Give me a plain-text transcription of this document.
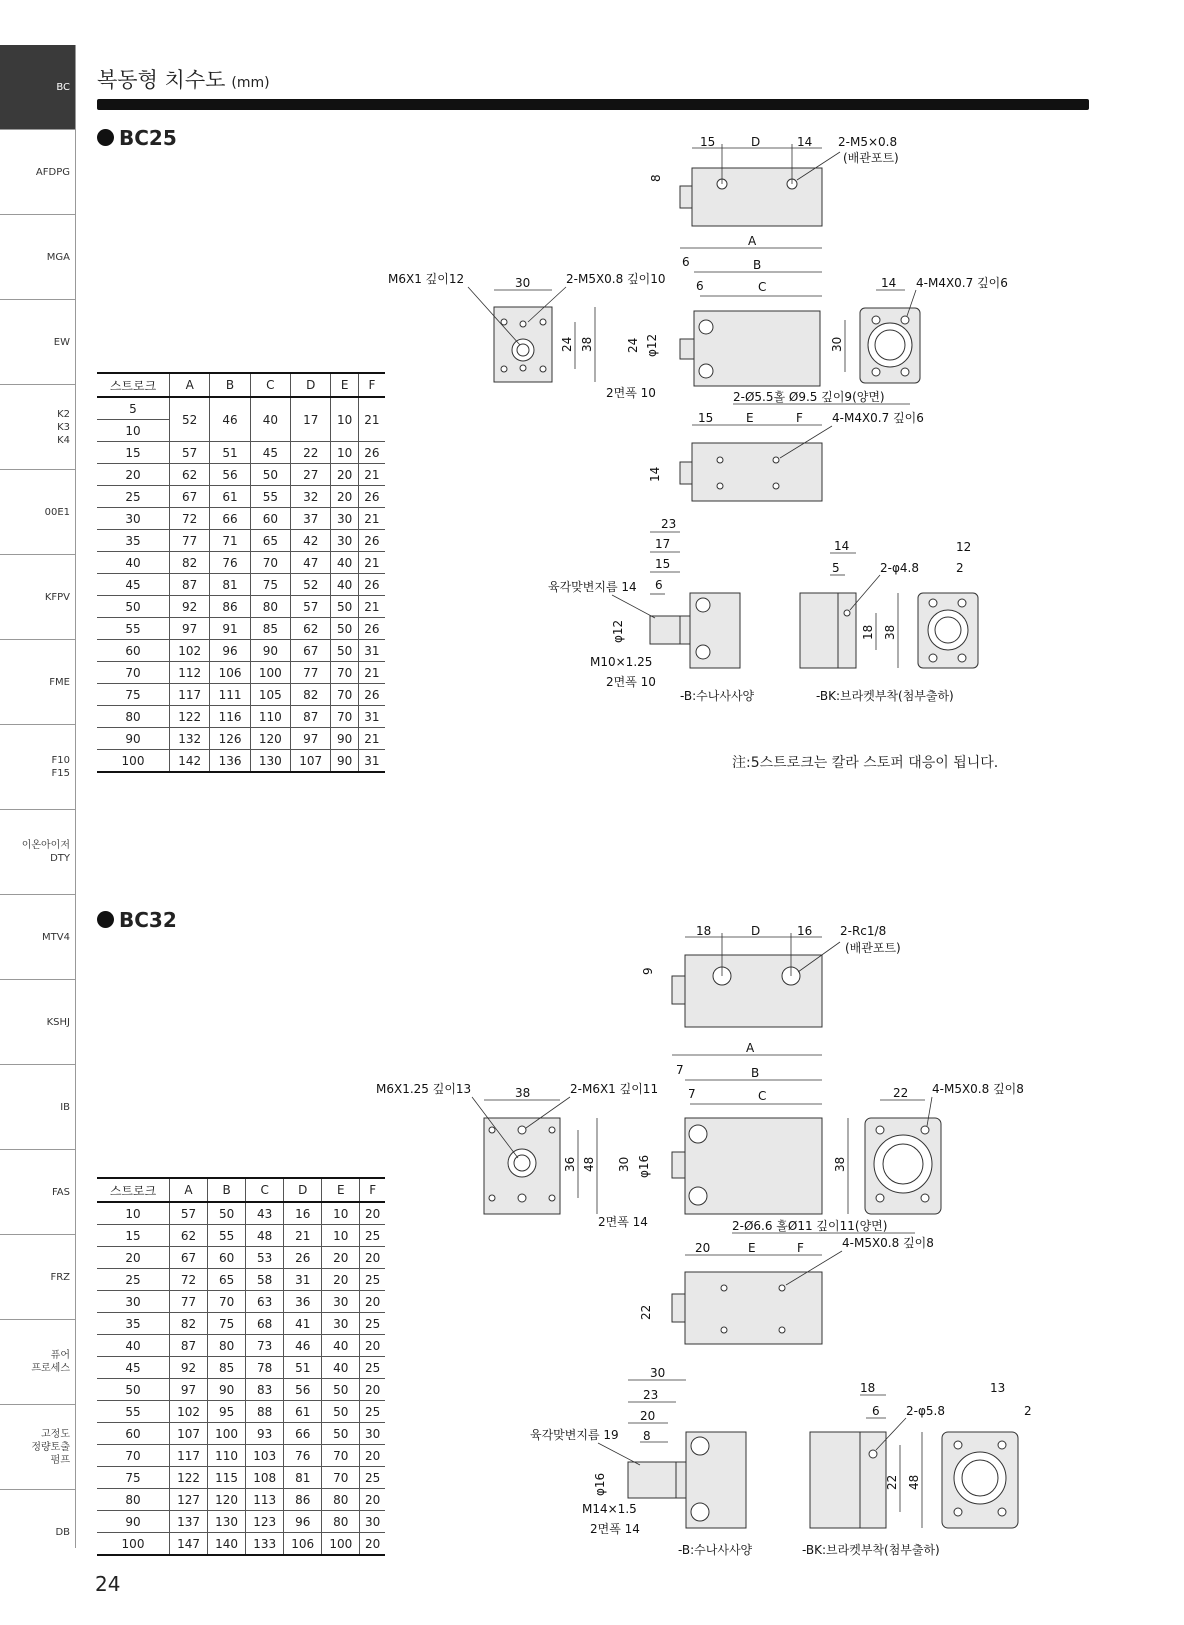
BC
AFDPG
MGA
EW
K2
K3
K4
00E1
KFPV
FME
F10
F15
이온아이저
DTY
MTV4
KSHJ
IB
FAS
FRZ
퓨어
프로세스
고정도
정량토출
펌프
DB
복동형 치수도 (mm)
BC25
BC32
스트로크	A	B	C	D	E	F
5	52	46	40	17	10	21
10						
15	57	51	45	22	10	26
20	62	56	50	27	20	21
25	67	61	55	32	20	26
30	72	66	60	37	30	21
35	77	71	65	42	30	26
40	82	76	70	47	40	21
45	87	81	75	52	40	26
50	92	86	80	57	50	21
55	97	91	85	62	50	26
60	102	96	90	67	50	31
70	112	106	100	77	70	21
75	117	111	105	82	70	26
80	122	116	110	87	70	31
90	132	126	120	97	90	21
100	142	136	130	107	90	31
스트로크	A	B	C	D	E	F
10	57	50	43	16	10	20
15	62	55	48	21	10	25
20	67	60	53	26	20	20
25	72	65	58	31	20	25
30	77	70	63	36	30	20
35	82	75	68	41	30	25
40	87	80	73	46	40	20
45	92	85	78	51	40	25
50	97	90	83	56	50	20
55	102	95	88	61	50	25
60	107	100	93	66	50	30
70	117	110	103	76	70	20
75	122	115	108	81	70	25
80	127	120	113	86	80	20
90	137	130	123	96	80	30
100	147	140	133	106	100	20
15	D	14 2-M5×0.8
(배관포트)
8
30
M6X1 깊이12	2-M5X0.8 깊이10
24 38
A
6	B
6	C
24 φ12
2면폭 10	2-Ø5.5홀 Ø9.5 깊이9(양면)
14 4-M4X0.7 깊이6
30
15	E	F 4-M4X0.7 깊이6
14
23
17
15
6
육각맞변지름 14
φ12
M10×1.25
2면폭 10
-B:수나사사양
14
5	2-φ4.8
12
2
18 38
-BK:브라켓부착(첨부출하)
18	D	16 2-Rc1/8
(배관포트)
9
38
M6X1.25 깊이13	2-M6X1 깊이11
36 48
A
7	B
7	C
30 φ16
2면폭 14	2-Ø6.6 홀Ø11 깊이11(양면)
22 4-M5X0.8 깊이8
38
20	E	F	4-M5X0.8 깊이8
22
30
23
20
8
육각맞변지름 19
φ16
M14×1.5
2면폭 14
-B:수나사사양
18
6 2-φ5.8
13
2
22 48
-BK:브라켓부착(첨부출하)
注:5스트로크는 칼라 스토퍼 대응이 됩니다.
24
